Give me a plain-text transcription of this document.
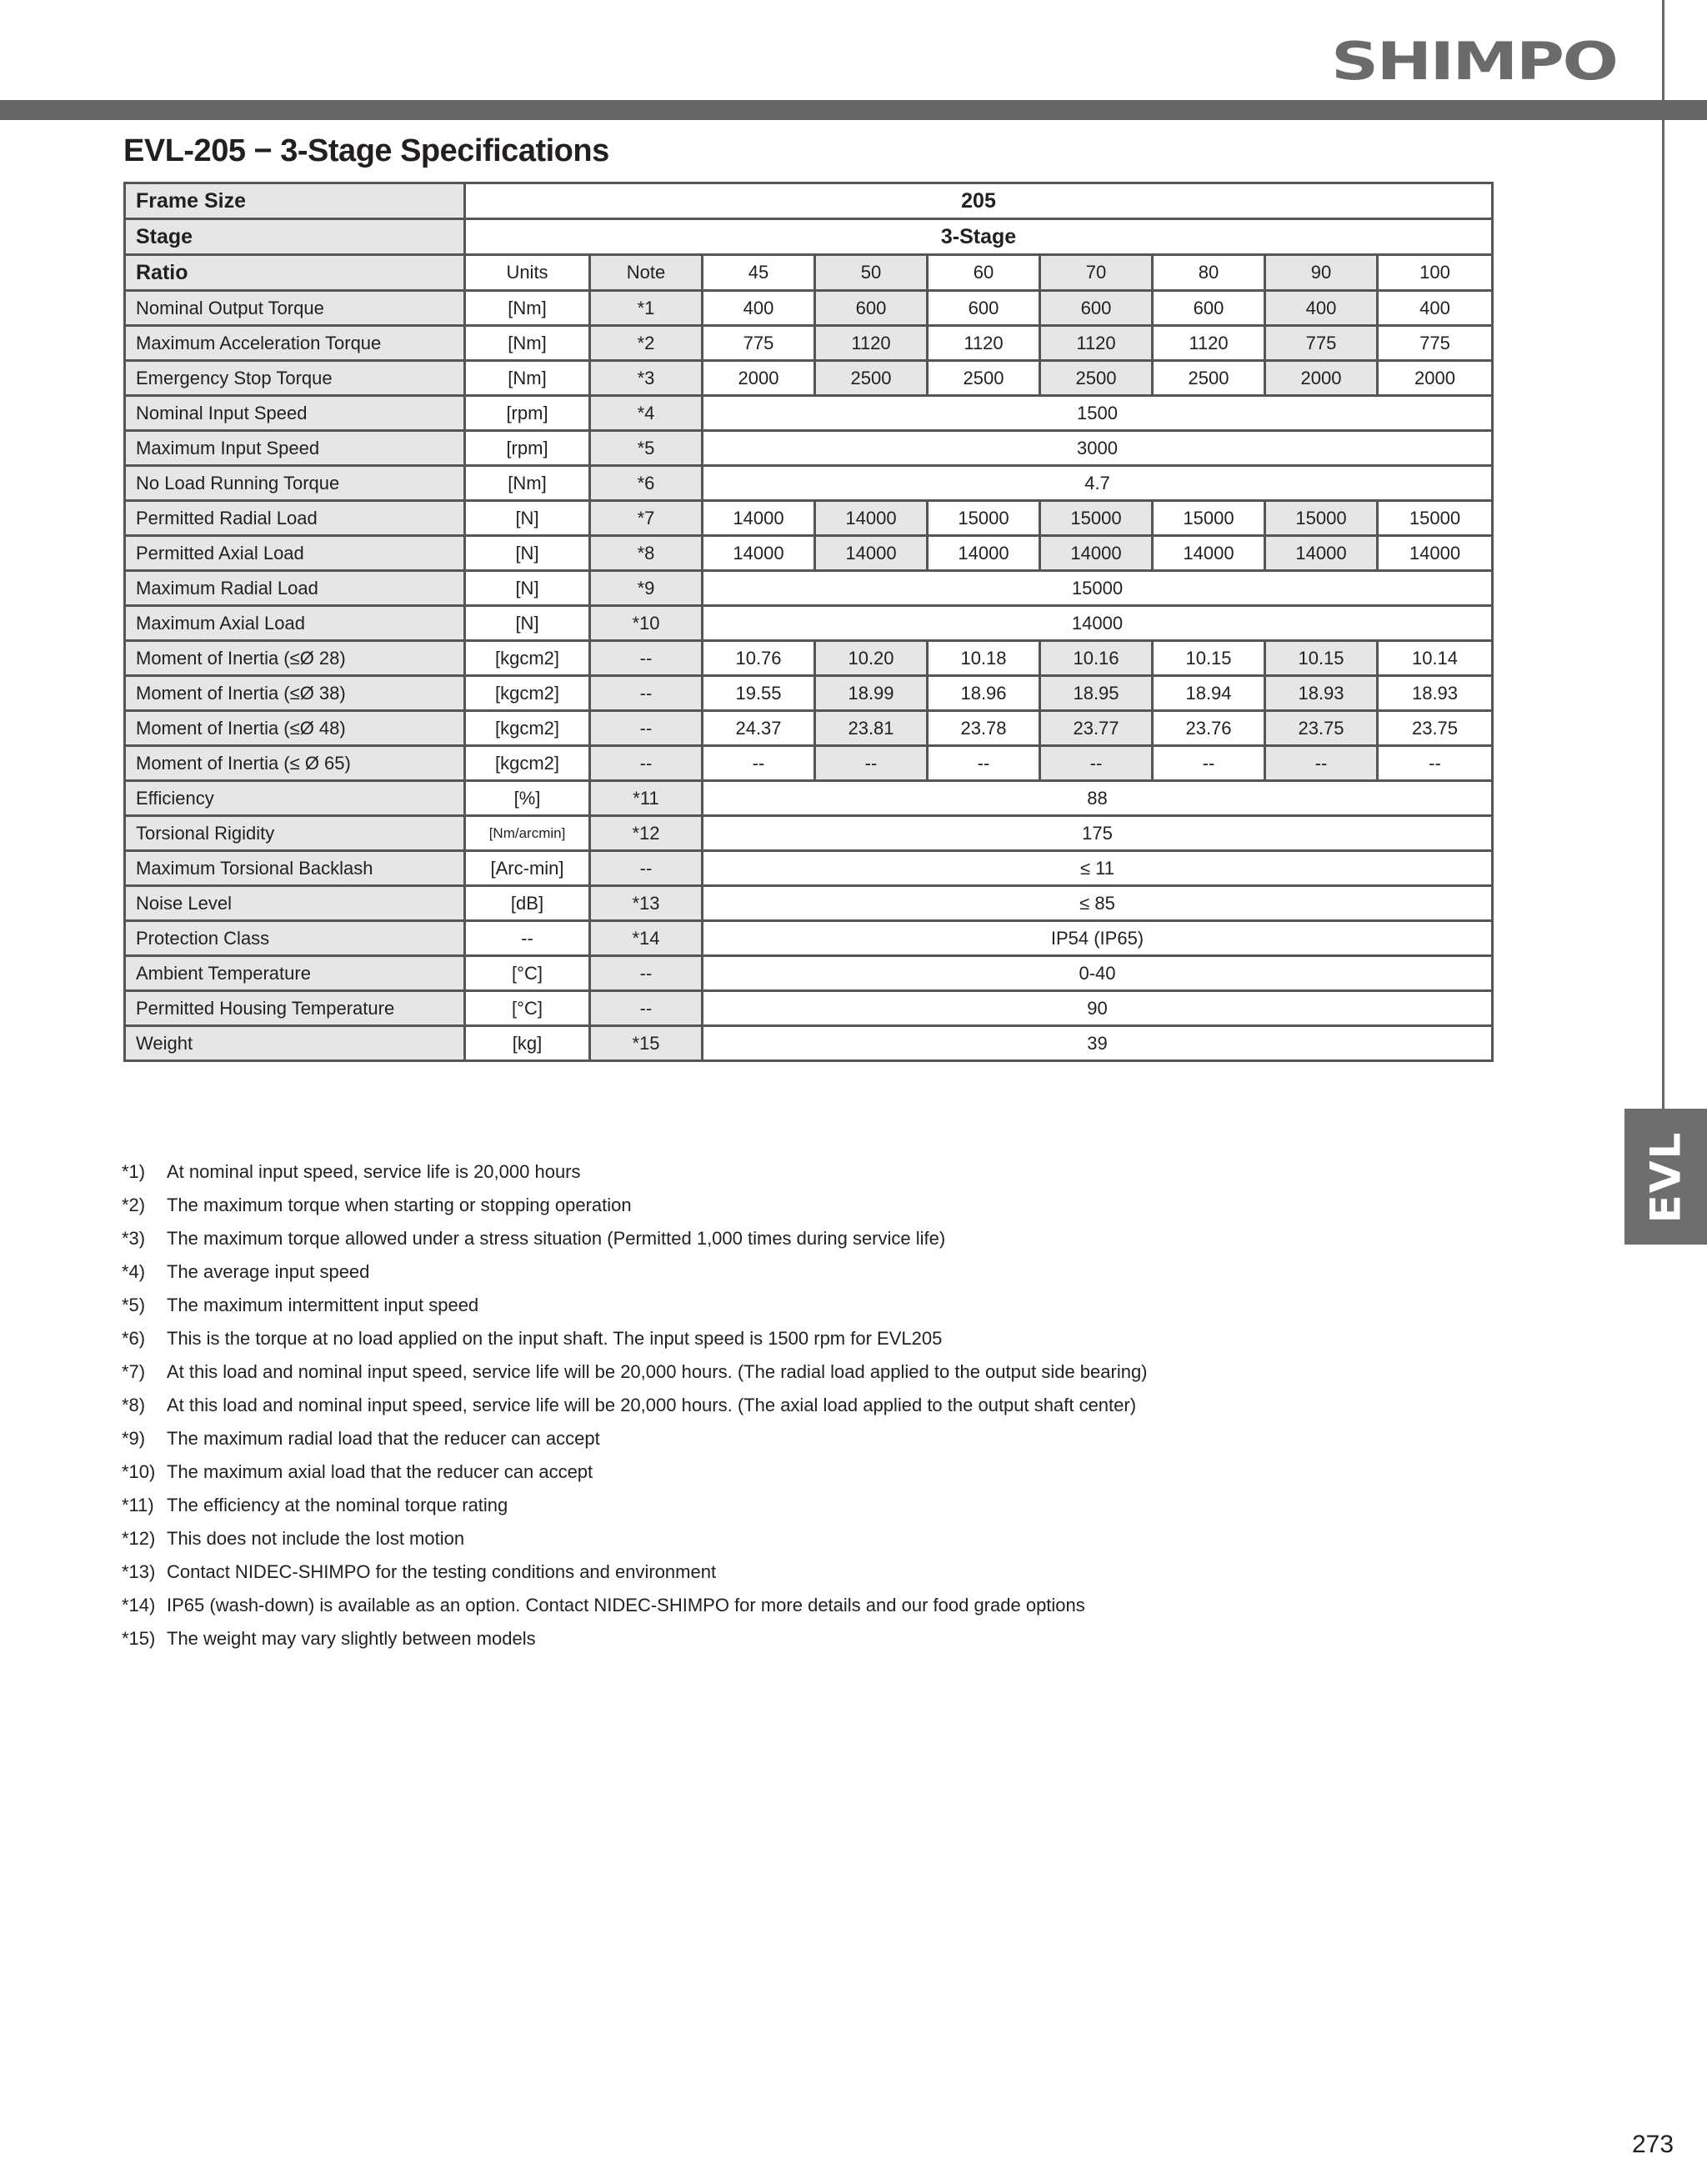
SHIMPO
EVL
EVL-205 − 3-Stage Specifications
Frame Size	205								
Stage	3-Stage								
Ratio	Units	Note	45	50	60	70	80	90	100
Nominal Output Torque	[Nm]	*1	400	600	600	600	600	400	400
Maximum Acceleration Torque	[Nm]	*2	775	1120	1120	1120	1120	775	775
Emergency Stop Torque	[Nm]	*3	2000	2500	2500	2500	2500	2000	2000
Nominal Input Speed	[rpm]	*4	1500						
Maximum Input Speed	[rpm]	*5	3000						
No Load Running Torque	[Nm]	*6	4.7						
Permitted Radial Load	[N]	*7	14000	14000	15000	15000	15000	15000	15000
Permitted Axial Load	[N]	*8	14000	14000	14000	14000	14000	14000	14000
Maximum Radial Load	[N]	*9	15000						
Maximum Axial Load	[N]	*10	14000						
Moment of Inertia (≤Ø 28)	[kgcm2]	--	10.76	10.20	10.18	10.16	10.15	10.15	10.14
Moment of Inertia (≤Ø 38)	[kgcm2]	--	19.55	18.99	18.96	18.95	18.94	18.93	18.93
Moment of Inertia (≤Ø 48)	[kgcm2]	--	24.37	23.81	23.78	23.77	23.76	23.75	23.75
Moment of Inertia (≤ Ø 65)	[kgcm2]	--	--	--	--	--	--	--	--
Efficiency	[%]	*11	88						
Torsional Rigidity	[Nm/arcmin]	*12	175						
Maximum Torsional Backlash	[Arc-min]	--	≤ 11						
Noise Level	[dB]	*13	≤ 85						
Protection Class	--	*14	IP54 (IP65)						
Ambient Temperature	[°C]	--	0-40						
Permitted Housing Temperature	[°C]	--	90						
Weight	[kg]	*15	39						
*1)	At nominal input speed, service life is 20,000 hours
*2)	The maximum torque when starting or stopping operation
*3)	The maximum torque allowed under a stress situation (Permitted 1,000 times during service life)
*4)	The average input speed
*5)	The maximum intermittent input speed
*6)	This is the torque at no load applied on the input shaft. The input speed is 1500 rpm for EVL205
*7)	At this load and nominal input speed, service life will be 20,000 hours. (The radial load applied to the output side bearing)
*8)	At this load and nominal input speed, service life will be 20,000 hours. (The axial load applied to the output shaft center)
*9)	The maximum radial load that the reducer can accept
*10) The maximum axial load that the reducer can accept
*11) The efficiency at the nominal torque rating
*12) This does not include the lost motion
*13) Contact NIDEC-SHIMPO for the testing conditions and environment
*14) IP65 (wash-down) is available as an option. Contact NIDEC-SHIMPO for more details and our food grade options
*15) The weight may vary slightly between models
273
